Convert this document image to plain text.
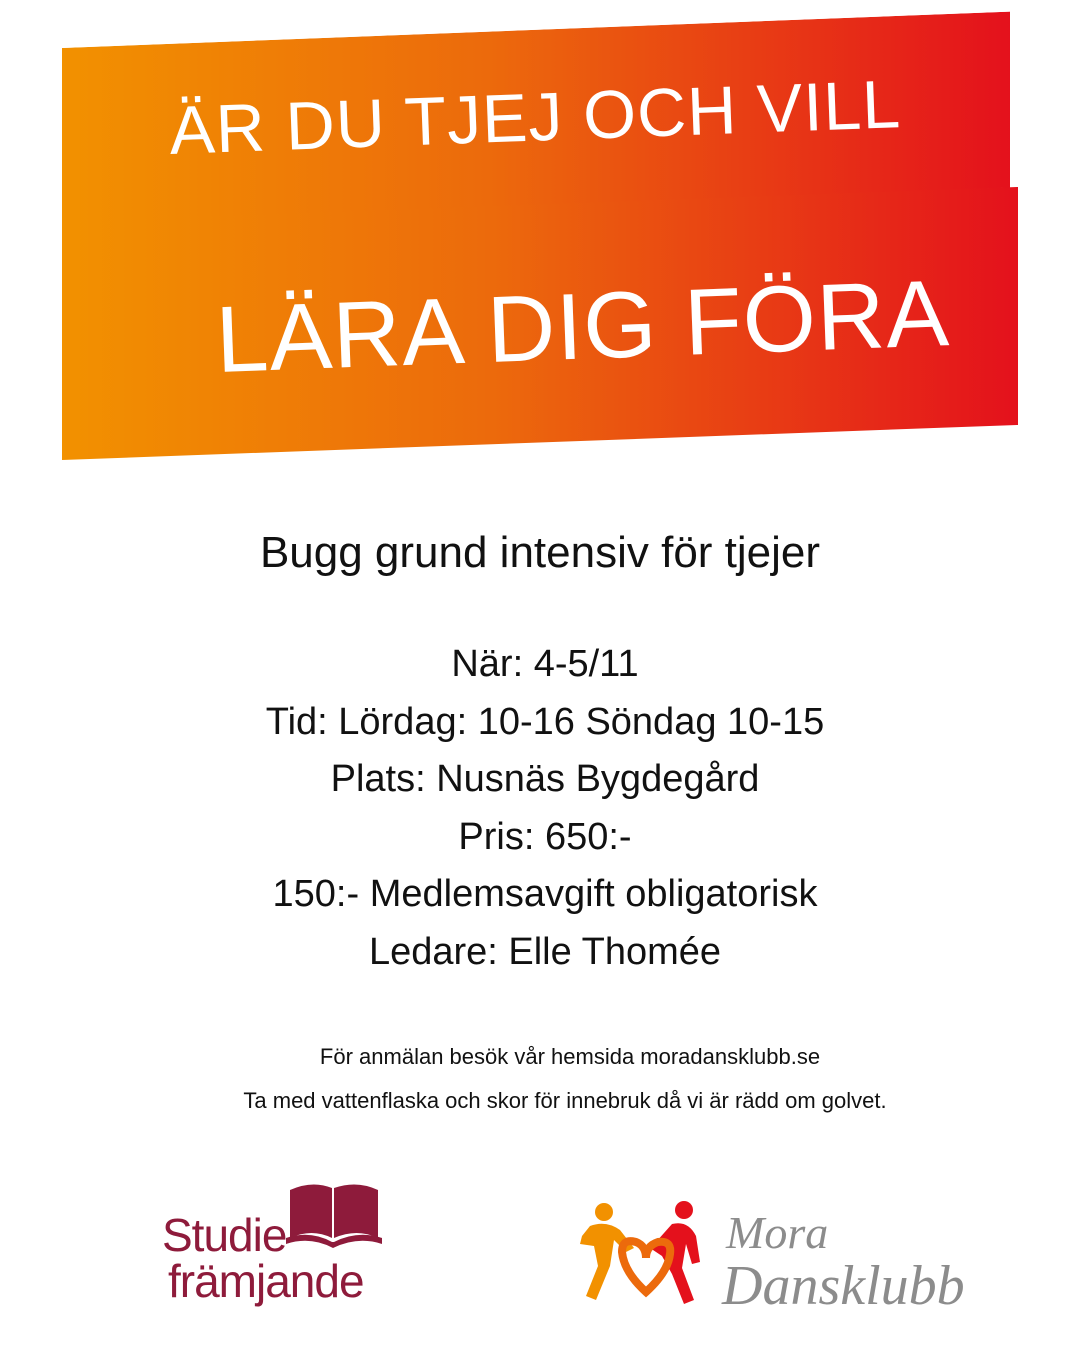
ÄR DU TJEJ OCH VILL
LÄRA DIG FÖRA
Bugg grund intensiv för tjejer
När: 4-5/11
Tid: Lördag: 10-16 Söndag 10-15
Plats: Nusnäs Bygdegård
Pris: 650:-
150:- Medlemsavgift obligatorisk
Ledare: Elle Thomée
För anmälan besök vår hemsida moradansklubb.se
Ta med vattenflaska och skor för innebruk då vi är rädd om golvet.
Studie
främjande
Mora
Dansklubb
